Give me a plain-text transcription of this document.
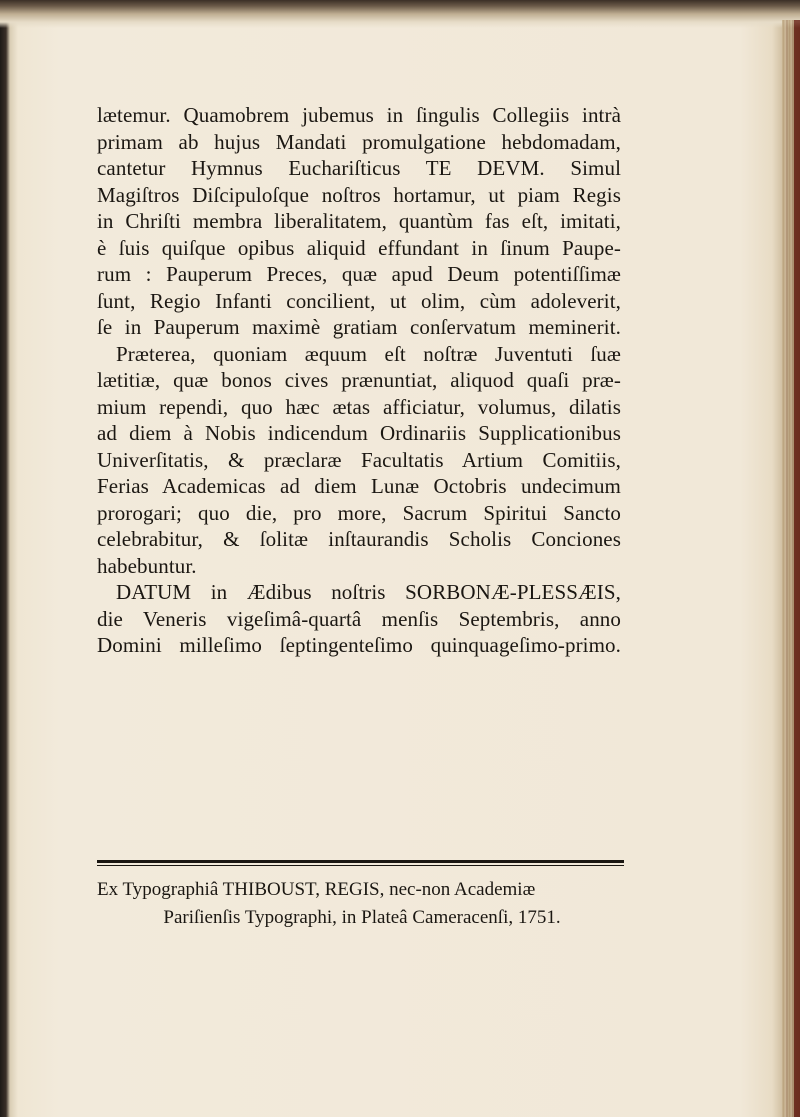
lætemur. Quamobrem jubemus in ſingulis Collegiis intrà
primam ab hujus Mandati promulgatione hebdomadam,
cantetur Hymnus Euchariſticus TE DEVM. Simul
Magiſtros Diſcipuloſque noſtros hortamur, ut piam Regis
in Chriſti membra liberalitatem, quantùm fas eſt, imitati,
è ſuis quiſque opibus aliquid effundant in ſinum Paupe-
rum : Pauperum Preces, quæ apud Deum potentiſſimæ
ſunt, Regio Infanti concilient, ut olim, cùm adoleverit,
ſe in Pauperum maximè gratiam conſervatum meminerit.

Præterea, quoniam æquum eſt noſtræ Juventuti ſuæ
lætitiæ, quæ bonos cives prænuntiat, aliquod quaſi præ-
mium rependi, quo hæc ætas afficiatur, volumus, dilatis
ad diem à Nobis indicendum Ordinariis Supplicationibus
Univerſitatis, & præclaræ Facultatis Artium Comitiis,
Ferias Academicas ad diem Lunæ Octobris undecimum
prorogari; quo die, pro more, Sacrum Spiritui Sancto
celebrabitur, & ſolitæ inſtaurandis Scholis Conciones
habebuntur.

DATUM in Ædibus noſtris SORBONÆ-PLESSÆIS,
die Veneris vigeſimâ-quartâ menſis Septembris, anno
Domini milleſimo ſeptingenteſimo quinquageſimo-primo.

Ex Typographiâ THIBOUST, REGIS, nec-non Academiæ
Pariſienſis Typographi, in Plateâ Cameracenſi, 1751.
